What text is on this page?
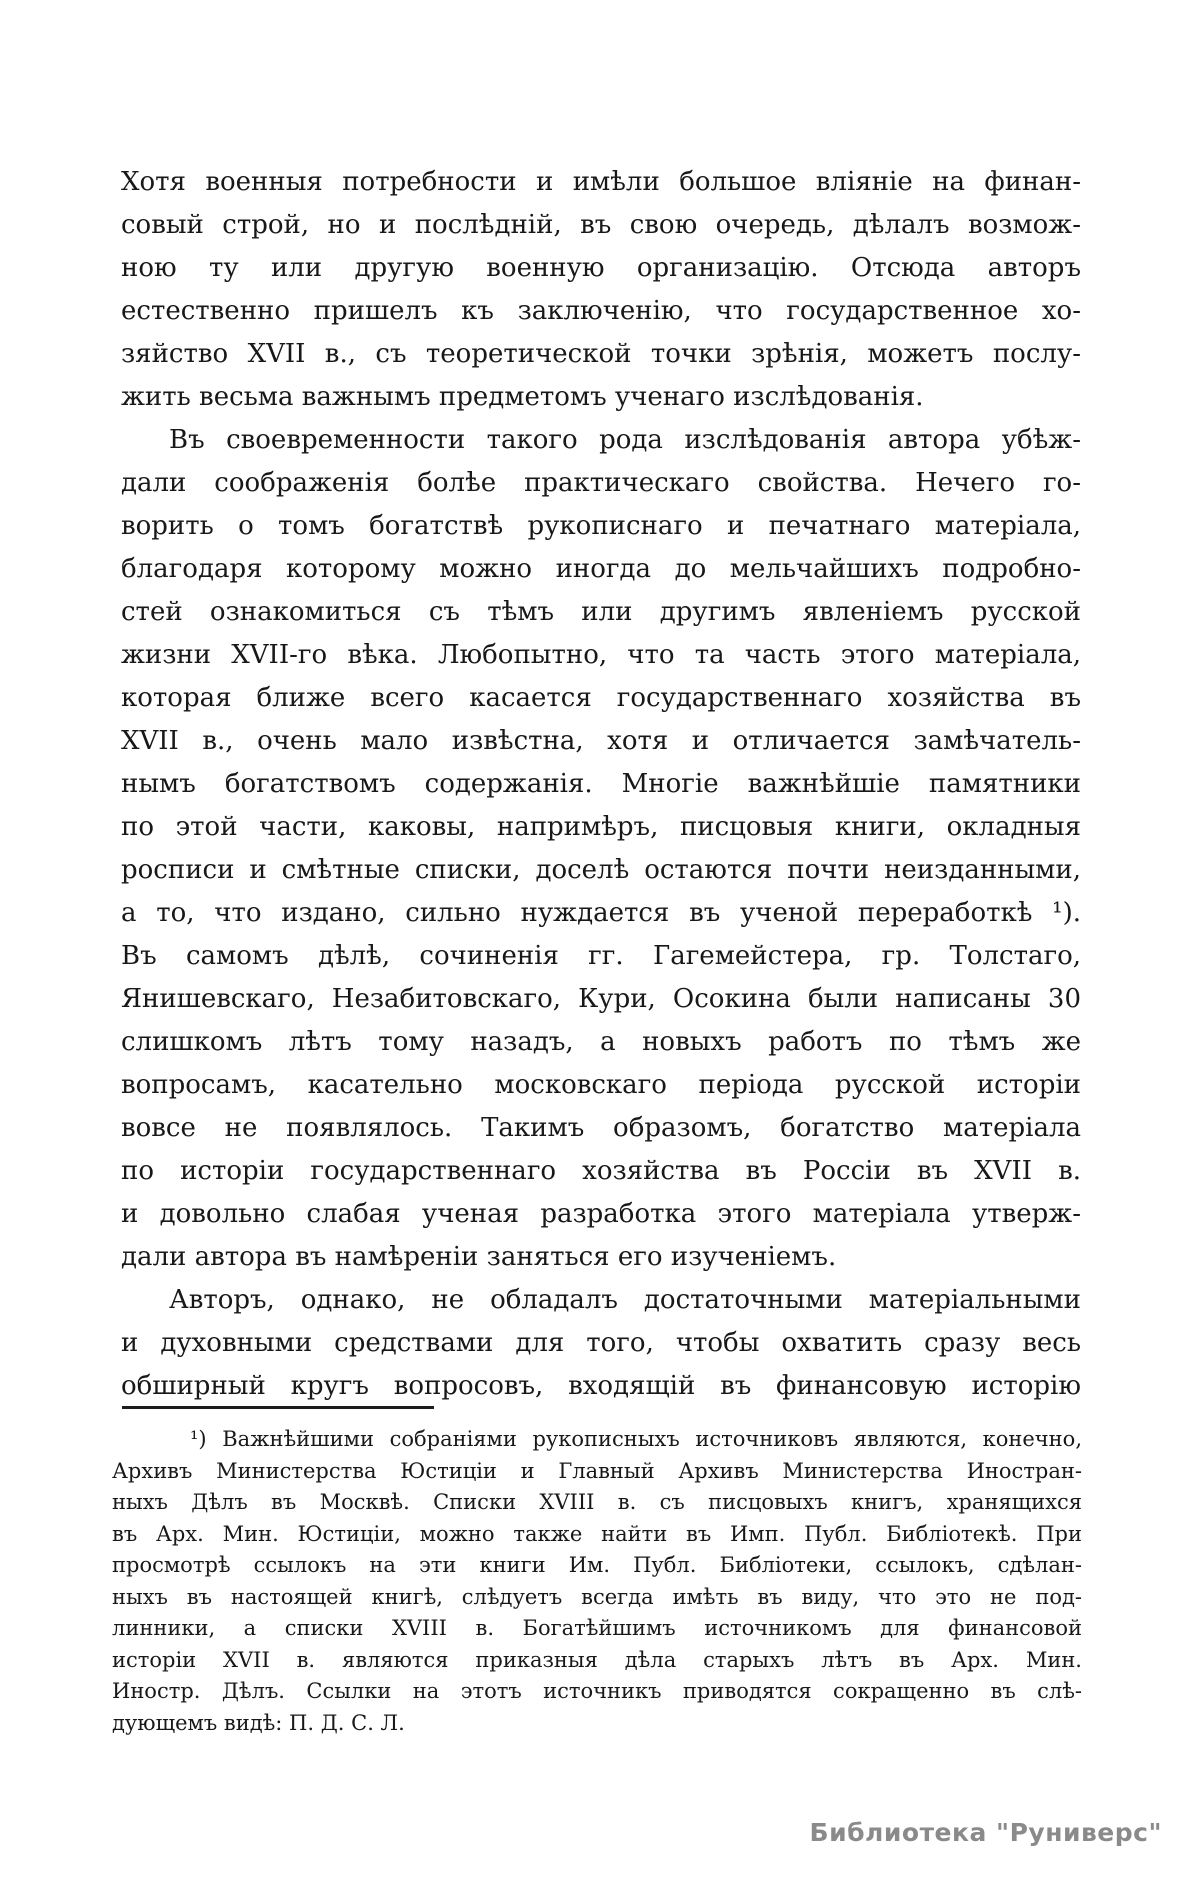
Хотя военныя потребности и имѣли большое вліяніе на финан-
совый строй, но и послѣдній, въ свою очередь, дѣлалъ возмож-
ною ту или другую военную организацію. Отсюда авторъ
естественно пришелъ къ заключенію, что государственное хо-
зяйство XVII в., съ теоретической точки зрѣнія, можетъ послу-
жить весьма важнымъ предметомъ ученаго изслѣдованія.
Въ своевременности такого рода изслѣдованія автора убѣж-
дали соображенія болѣе практическаго свойства. Нечего го-
ворить о томъ богатствѣ рукописнаго и печатнаго матеріала,
благодаря которому можно иногда до мельчайшихъ подробно-
стей ознакомиться съ тѣмъ или другимъ явленіемъ русской
жизни XVII-го вѣка. Любопытно, что та часть этого матеріала,
которая ближе всего касается государственнаго хозяйства въ
XVII в., очень мало извѣстна, хотя и отличается замѣчатель-
нымъ богатствомъ содержанія. Многіе важнѣйшіе памятники
по этой части, каковы, напримѣръ, писцовыя книги, окладныя
росписи и смѣтные списки, доселѣ остаются почти неизданными,
а то, что издано, сильно нуждается въ ученой переработкѣ ¹).
Въ самомъ дѣлѣ, сочиненія гг. Гагемейстера, гр. Толстаго,
Янишевскаго, Незабитовскаго, Кури, Осокина были написаны 30
слишкомъ лѣтъ тому назадъ, а новыхъ работъ по тѣмъ же
вопросамъ, касательно московскаго періода русской исторіи
вовсе не появлялось. Такимъ образомъ, богатство матеріала
по исторіи государственнаго хозяйства въ Россіи въ XVII в.
и довольно слабая ученая разработка этого матеріала утверж-
дали автора въ намѣреніи заняться его изученіемъ.
Авторъ, однако, не обладалъ достаточными матеріальными
и духовными средствами для того, чтобы охватить сразу весь
обширный кругъ вопросовъ, входящій въ финансовую исторію
¹) Важнѣйшими собраніями рукописныхъ источниковъ являются, конечно,
Архивъ Министерства Юстиціи и Главный Архивъ Министерства Иностран-
ныхъ Дѣлъ въ Москвѣ. Списки XVIII в. съ писцовыхъ книгъ, хранящихся
въ Арх. Мин. Юстиціи, можно также найти въ Имп. Публ. Библіотекѣ. При
просмотрѣ ссылокъ на эти книги Им. Публ. Библіотеки, ссылокъ, сдѣлан-
ныхъ въ настоящей книгѣ, слѣдуетъ всегда имѣть въ виду, что это не под-
линники, а списки XVIII в. Богатѣйшимъ источникомъ для финансовой
исторіи XVII в. являются приказныя дѣла старыхъ лѣтъ въ Арх. Мин.
Иностр. Дѣлъ. Ссылки на этотъ источникъ приводятся сокращенно въ слѣ-
дующемъ видѣ: П. Д. С. Л.
Библиотека "Руниверс"
